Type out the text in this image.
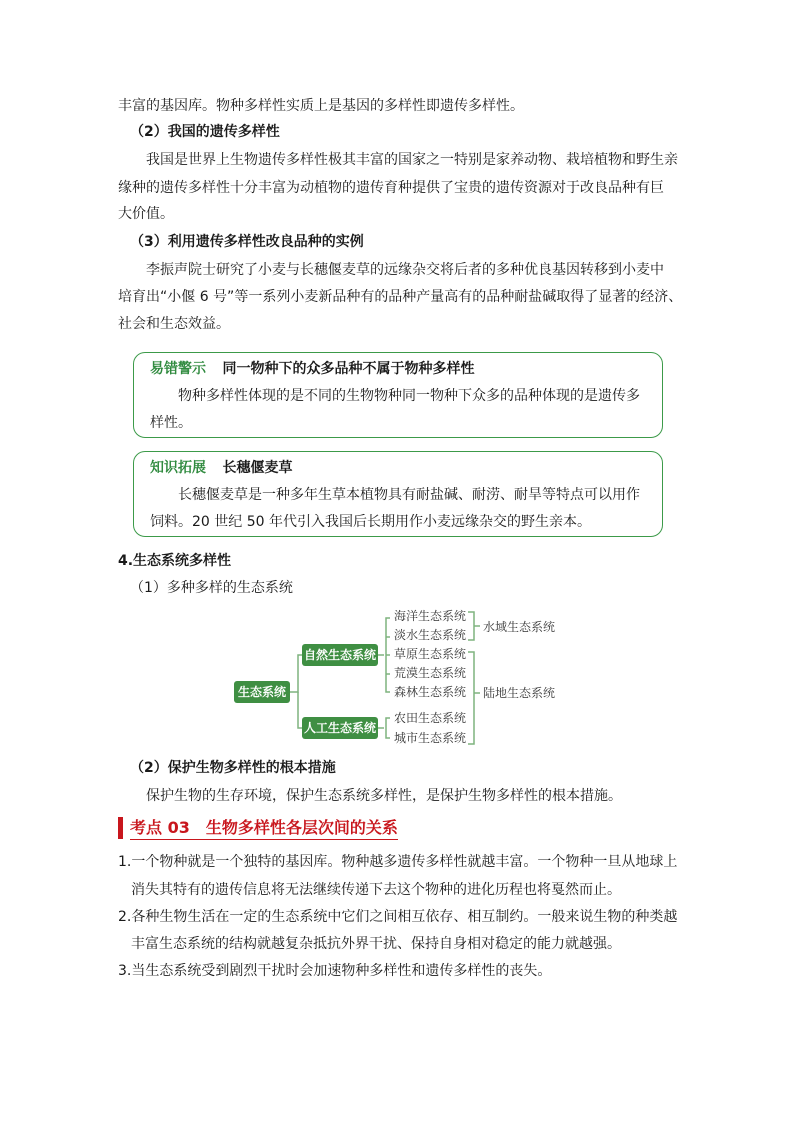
丰富的基因库。物种多样性实质上是基因的多样性即遗传多样性。
（2）我国的遗传多样性
我国是世界上生物遗传多样性极其丰富的国家之一特别是家养动物、栽培植物和野生亲
缘种的遗传多样性十分丰富为动植物的遗传育种提供了宝贵的遗传资源对于改良品种有巨
大价值。
（3）利用遗传多样性改良品种的实例
李振声院士研究了小麦与长穗偃麦草的远缘杂交将后者的多种优良基因转移到小麦中
培育出“小偃 6 号”等一系列小麦新品种有的品种产量高有的品种耐盐碱取得了显著的经济、
社会和生态效益。
易错警示 同一物种下的众多品种不属于物种多样性
物种多样性体现的是不同的生物物种同一物种下众多的品种体现的是遗传多
样性。
知识拓展 长穗偃麦草
长穗偃麦草是一种多年生草本植物具有耐盐碱、耐涝、耐旱等特点可以用作
饲料。20 世纪 50 年代引入我国后长期用作小麦远缘杂交的野生亲本。
4.生态系统多样性
（1）多种多样的生态系统
生态系统
自然生态系统
人工生态系统
海洋生态系统
淡水生态系统
草原生态系统
荒漠生态系统
森林生态系统
农田生态系统
城市生态系统
水域生态系统
陆地生态系统
（2）保护生物多样性的根本措施
保护生物的生存环境，保护生态系统多样性，是保护生物多样性的根本措施。
考点 03　生物多样性各层次间的关系
1.一个物种就是一个独特的基因库。物种越多遗传多样性就越丰富。一个物种一旦从地球上
消失其特有的遗传信息将无法继续传递下去这个物种的进化历程也将戛然而止。
2.各种生物生活在一定的生态系统中它们之间相互依存、相互制约。一般来说生物的种类越
丰富生态系统的结构就越复杂抵抗外界干扰、保持自身相对稳定的能力就越强。
3.当生态系统受到剧烈干扰时会加速物种多样性和遗传多样性的丧失。
